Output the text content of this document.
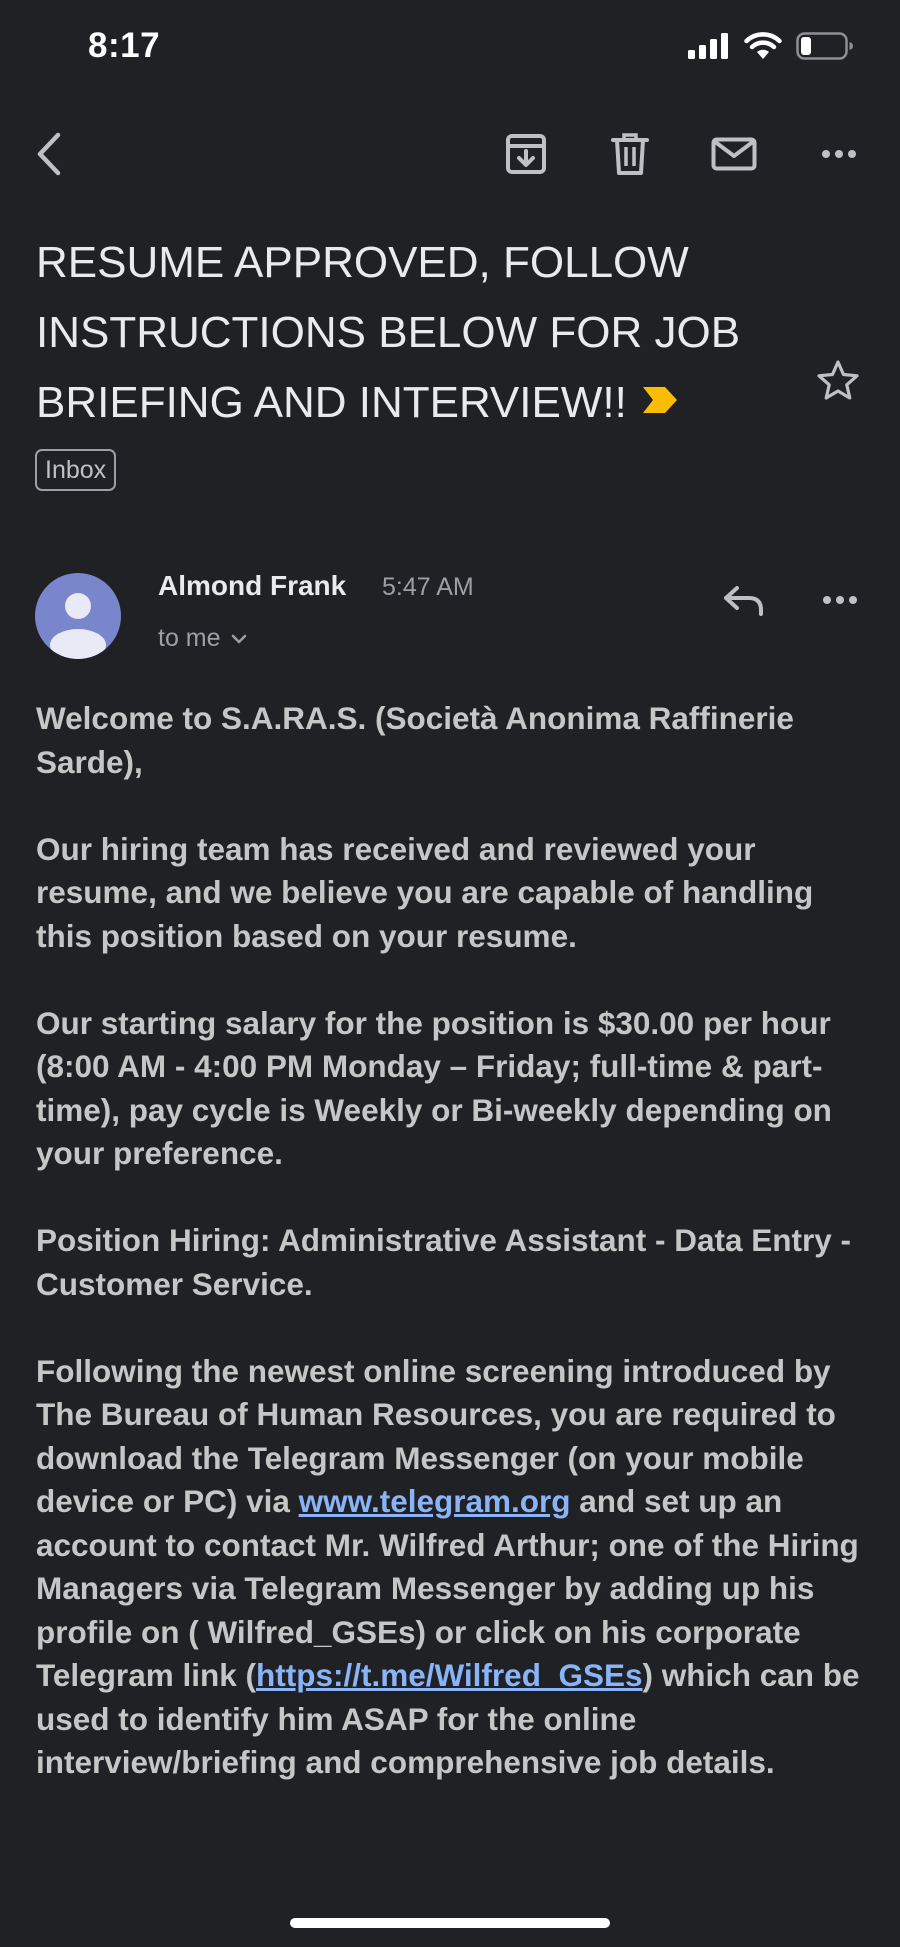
8:17
RESUME APPROVED, FOLLOW INSTRUCTIONS BELOW FOR JOB BRIEFING AND INTERVIEW!!
Inbox
Almond Frank 5:47 AM
to me

Welcome to S.A.RA.S. (Società Anonima Raffinerie Sarde),

Our hiring team has received and reviewed your resume, and we believe you are capable of handling this position based on your resume.

Our starting salary for the position is $30.00 per hour (8:00 AM - 4:00 PM Monday – Friday; full-time & part-time), pay cycle is Weekly or Bi-weekly depending on your preference.

Position Hiring: Administrative Assistant - Data Entry - Customer Service.

Following the newest online screening introduced by The Bureau of Human Resources, you are required to download the Telegram Messenger (on your mobile device or PC) via www.telegram.org and set up an account to contact Mr. Wilfred Arthur; one of the Hiring Managers via Telegram Messenger by adding up his profile on ( Wilfred_GSEs) or click on his corporate Telegram link (https://t.me/Wilfred_GSEs) which can be used to identify him ASAP for the online interview/briefing and comprehensive job details.
